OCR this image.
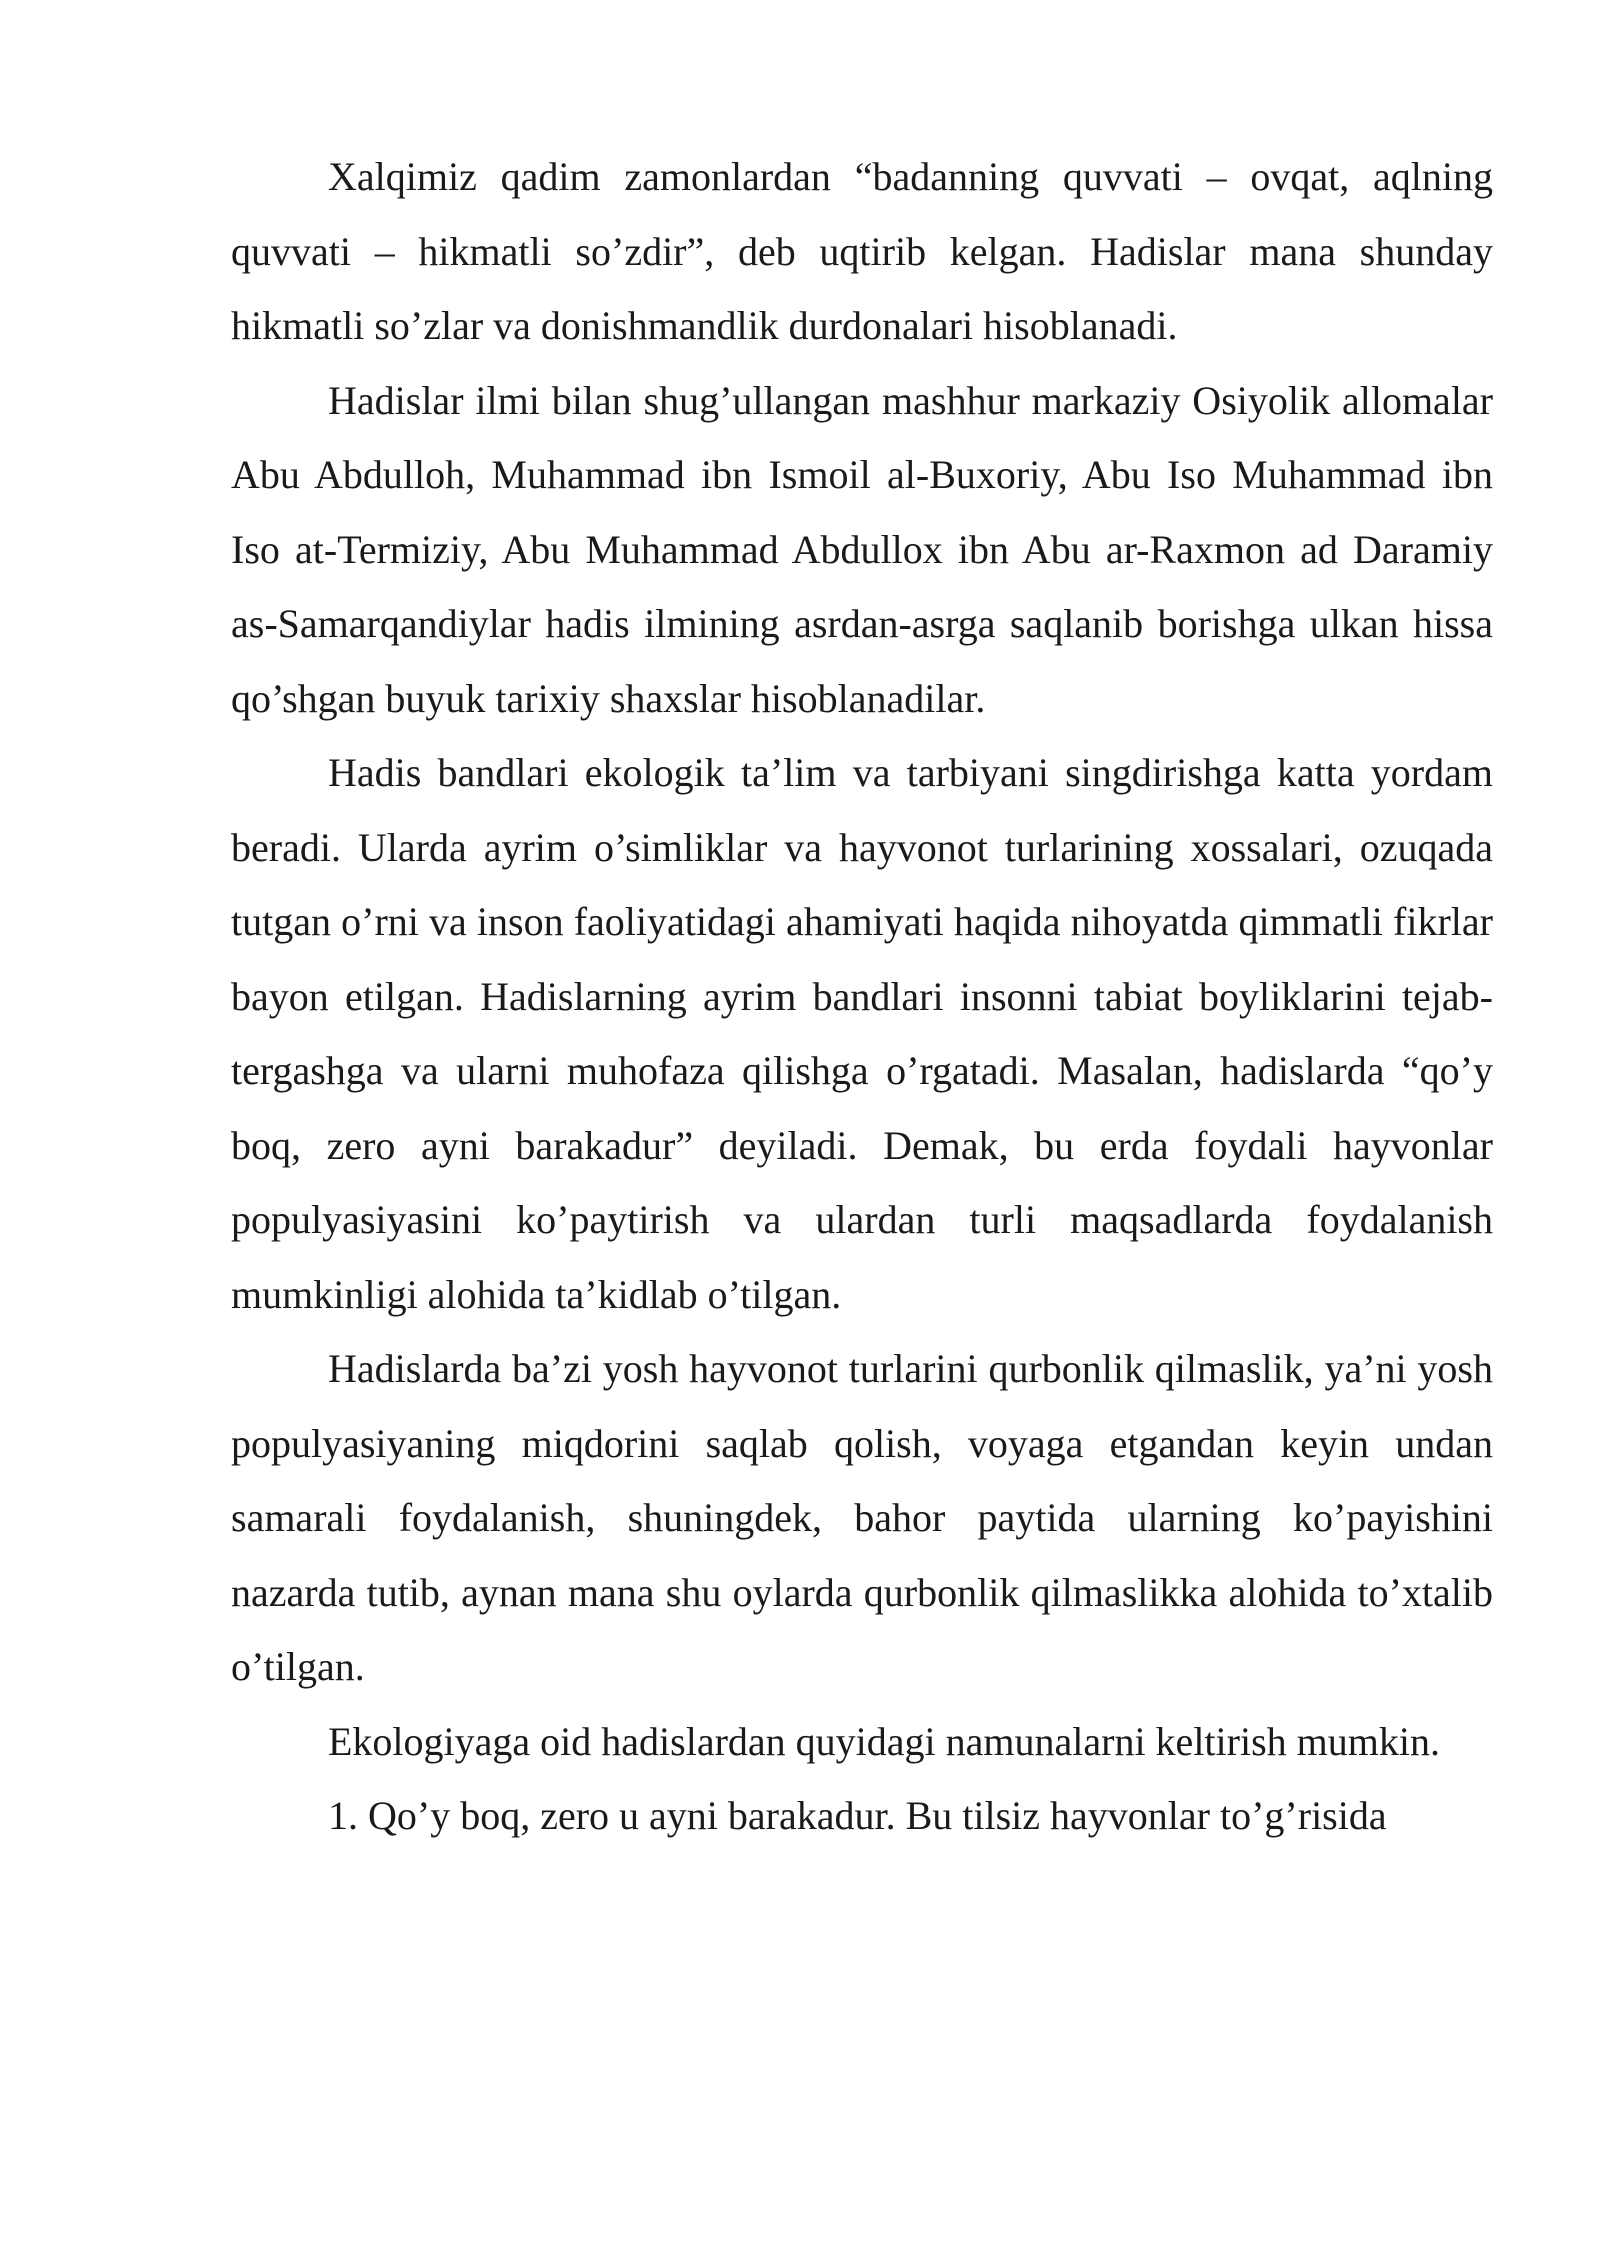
Xalqimiz qadim zamonlardan “badanning quvvati – ovqat, aqlning quvvati – hikmatli so’zdir”, deb uqtirib kelgan. Hadislar mana shunday hikmatli so’zlar va donishmandlik durdonalari hisoblanadi.

Hadislar ilmi bilan shug’ullangan mashhur markaziy Osiyolik allomalar Abu Abdulloh, Muhammad ibn Ismoil al-Buxoriy, Abu Iso Muhammad ibn Iso at-Termiziy, Abu Muhammad Abdullox ibn Abu ar-Raxmon ad Daramiy as-Samarqandiylar hadis ilmining asrdan-asrga saqlanib borishga ulkan hissa qo’shgan buyuk tarixiy shaxslar hisoblanadilar.

Hadis bandlari ekologik ta’lim va tarbiyani singdirishga katta yordam beradi. Ularda ayrim o’simliklar va hayvonot turlarining xossalari, ozuqada tutgan o’rni va inson faoliyatidagi ahamiyati haqida nihoyatda qimmatli fikrlar bayon etilgan. Hadislarning ayrim bandlari insonni tabiat boyliklarini tejab-tergashga va ularni muhofaza qilishga o’rgatadi. Masalan, hadislarda “qo’y boq, zero ayni barakadur” deyiladi. Demak, bu erda foydali hayvonlar populyasiyasini ko’paytirish va ulardan turli maqsadlarda foydalanish mumkinligi alohida ta’kidlab o’tilgan.

Hadislarda ba’zi yosh hayvonot turlarini qurbonlik qilmaslik, ya’ni yosh populyasiyaning miqdorini saqlab qolish, voyaga etgandan keyin undan samarali foydalanish, shuningdek, bahor paytida ularning ko’payishini nazarda tutib, aynan mana shu oylarda qurbonlik qilmaslikka alohida to’xtalib o’tilgan.

Ekologiyaga oid hadislardan quyidagi namunalarni keltirish mumkin.

1. Qo’y boq, zero u ayni barakadur. Bu tilsiz hayvonlar to’g’risida
